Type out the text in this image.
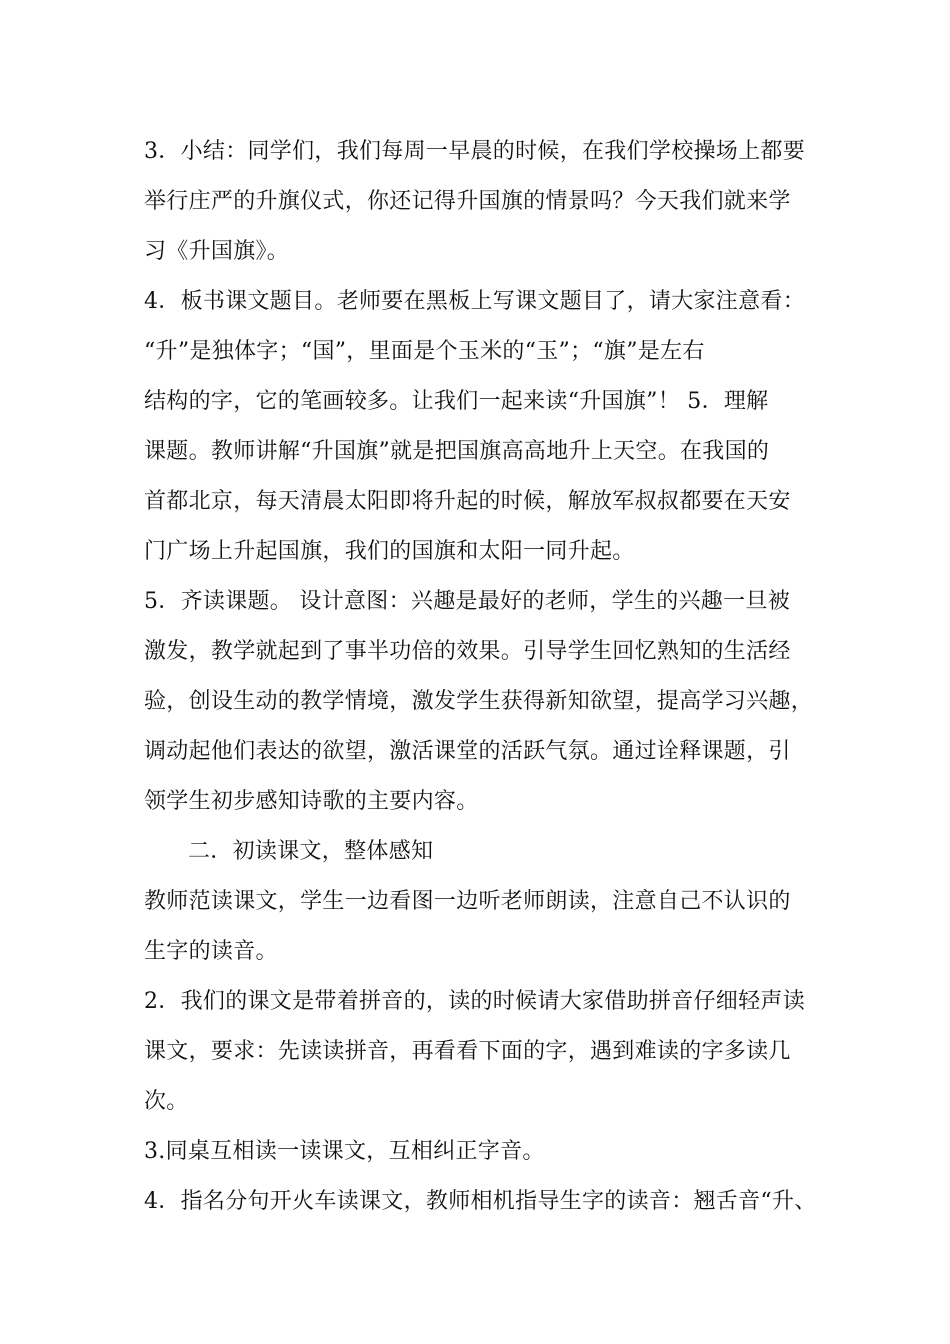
3．小结：同学们，我们每周一早晨的时候，在我们学校操场上都要
举行庄严的升旗仪式，你还记得升国旗的情景吗？今天我们就来学
习《升国旗》。
4．板书课文题目。老师要在黑板上写课文题目了，请大家注意看：
“升”是独体字；“国”，里面是个玉米的“玉”；“旗”是左右
结构的字，它的笔画较多。让我们一起来读“升国旗”！ 5．理解
课题。教师讲解“升国旗”就是把国旗高高地升上天空。在我国的
首都北京，每天清晨太阳即将升起的时候，解放军叔叔都要在天安
门广场上升起国旗，我们的国旗和太阳一同升起。
5．齐读课题。 设计意图：兴趣是最好的老师，学生的兴趣一旦被
激发，教学就起到了事半功倍的效果。引导学生回忆熟知的生活经
验，创设生动的教学情境，激发学生获得新知欲望，提高学习兴趣，
调动起他们表达的欲望，激活课堂的活跃气氛。通过诠释课题，引
领学生初步感知诗歌的主要内容。
二．初读课文，整体感知
教师范读课文，学生一边看图一边听老师朗读，注意自己不认识的
生字的读音。
2．我们的课文是带着拼音的，读的时候请大家借助拼音仔细轻声读
课文，要求：先读读拼音，再看看下面的字，遇到难读的字多读几
次。
3.同桌互相读一读课文，互相纠正字音。
4．指名分句开火车读课文，教师相机指导生字的读音：翘舌音“升、
